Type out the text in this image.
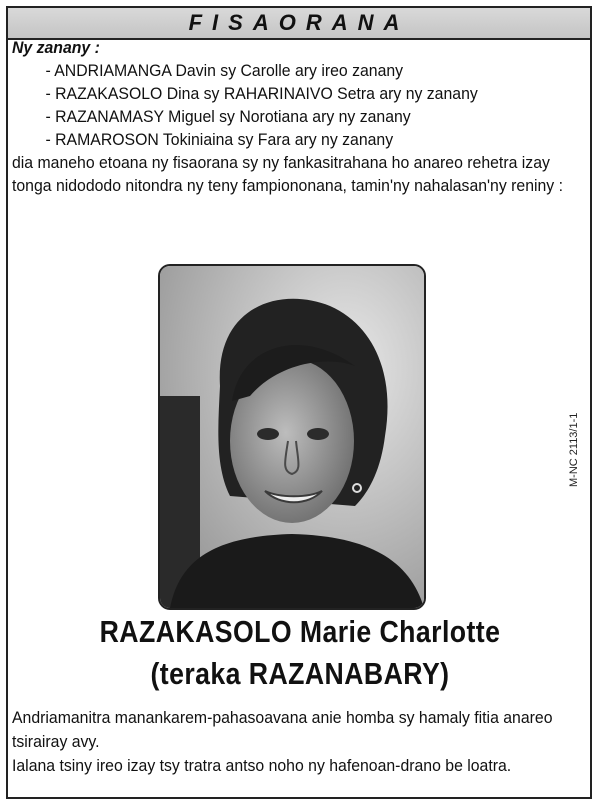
FISAORANA
Ny zanany :
- ANDRIAMANGA Davin sy Carolle ary ireo zanany
- RAZAKASOLO Dina sy RAHARINAIVO Setra ary ny zanany
- RAZANAMASY Miguel sy Norotiana ary ny zanany
- RAMAROSON Tokiniaina sy Fara ary ny zanany
dia maneho etoana ny fisaorana sy ny fankasitrahana ho anareo rehetra izay tonga nidododo nitondra ny teny fampiononana, tamin'ny nahalasan'ny reniny :
M-NC 2113/1-1
RAZAKASOLO Marie Charlotte
(teraka RAZANABARY)
Andriamanitra manankarem-pahasoavana anie homba sy hamaly fitia anareo tsirairay avy.
Ialana tsiny ireo izay tsy tratra antso noho ny hafenoan-drano be loatra.
